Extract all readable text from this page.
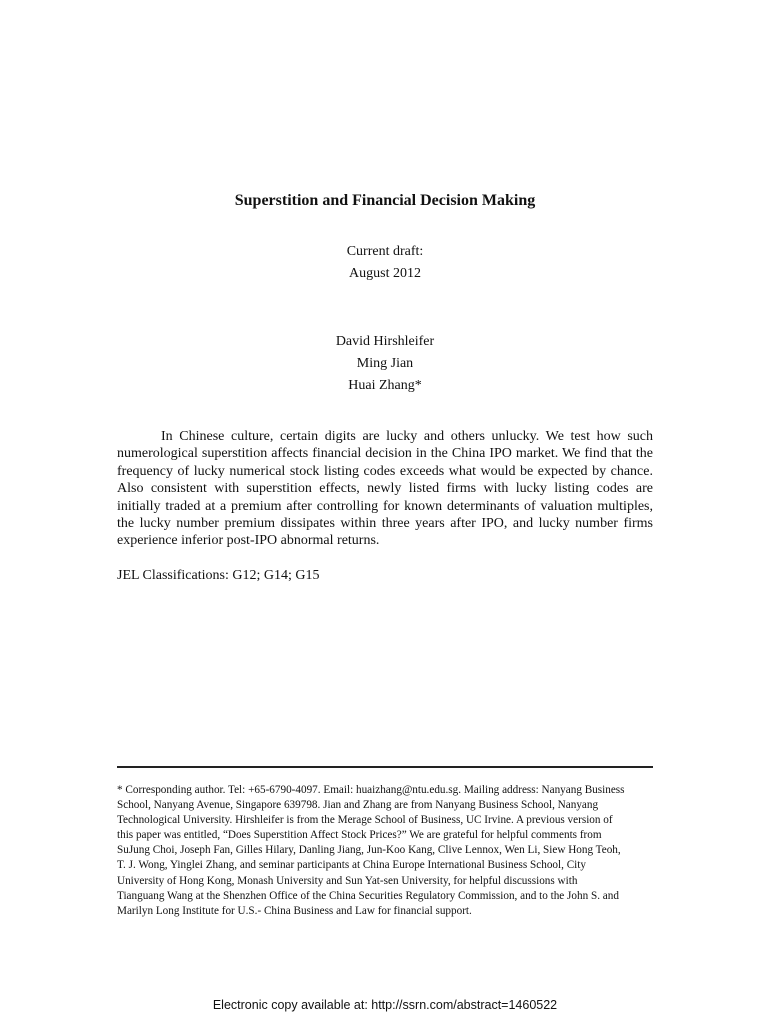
Superstition and Financial Decision Making
Current draft:
August 2012
David Hirshleifer
Ming Jian
Huai Zhang*

In Chinese culture, certain digits are lucky and others unlucky. We test how such numerological superstition affects financial decision in the China IPO market. We find that the frequency of lucky numerical stock listing codes exceeds what would be expected by chance. Also consistent with superstition effects, newly listed firms with lucky listing codes are initially traded at a premium after controlling for known determinants of valuation multiples, the lucky number premium dissipates within three years after IPO, and lucky number firms experience inferior post-IPO abnormal returns.

JEL Classifications: G12; G14; G15
* Corresponding author. Tel: +65-6790-4097. Email: huaizhang@ntu.edu.sg. Mailing address: Nanyang Business
School, Nanyang Avenue, Singapore 639798. Jian and Zhang are from Nanyang Business School, Nanyang
Technological University. Hirshleifer is from the Merage School of Business, UC Irvine. A previous version of
this paper was entitled, “Does Superstition Affect Stock Prices?” We are grateful for helpful comments from
SuJung Choi, Joseph Fan, Gilles Hilary, Danling Jiang, Jun-Koo Kang, Clive Lennox, Wen Li, Siew Hong Teoh,
T. J. Wong, Yinglei Zhang, and seminar participants at China Europe International Business School, City
University of Hong Kong, Monash University and Sun Yat-sen University, for helpful discussions with
Tianguang Wang at the Shenzhen Office of the China Securities Regulatory Commission, and to the John S. and
Marilyn Long Institute for U.S.- China Business and Law for financial support.
Electronic copy available at: http://ssrn.com/abstract=1460522
